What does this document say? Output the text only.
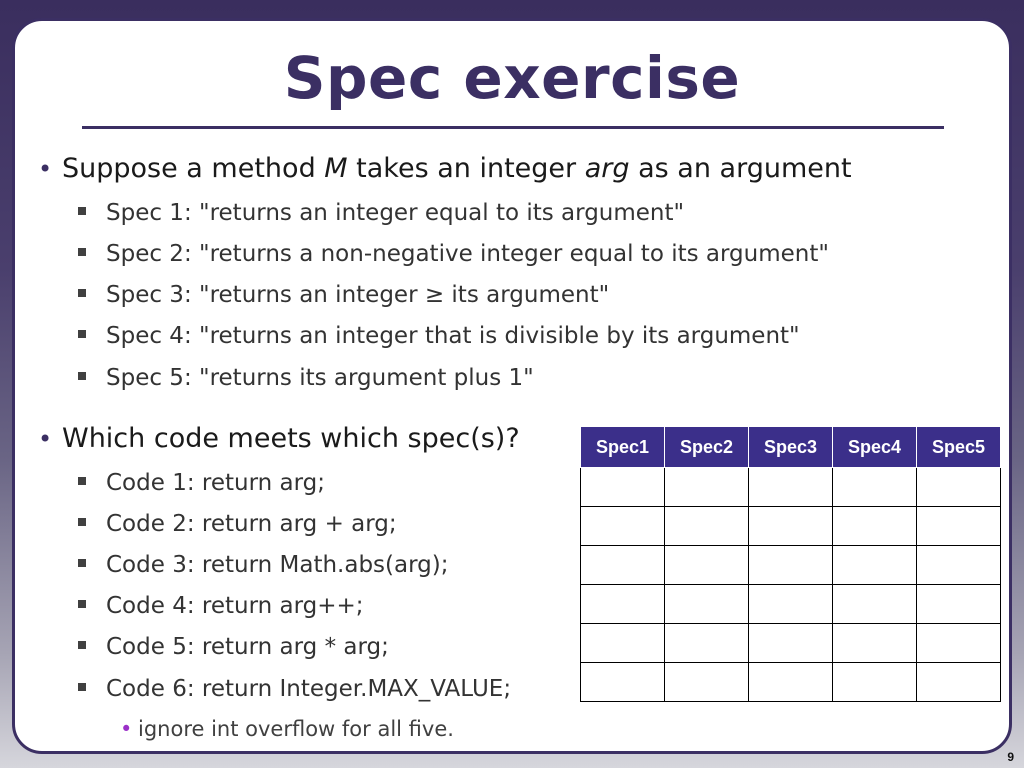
Spec exercise
• Suppose a method M takes an integer arg as an argument
Spec 1: "returns an integer equal to its argument"
Spec 2: "returns a non-negative integer equal to its argument"
Spec 3: "returns an integer ≥ its argument"
Spec 4: "returns an integer that is divisible by its argument"
Spec 5: "returns its argument plus 1"
• Which code meets which spec(s)?
Code 1: return arg;
Code 2: return arg + arg;
Code 3: return Math.abs(arg);
Code 4: return arg++;
Code 5: return arg * arg;
Code 6: return Integer.MAX_VALUE;
• ignore int overflow for all five.
Spec1	Spec2	Spec3	Spec4	Spec5

9
